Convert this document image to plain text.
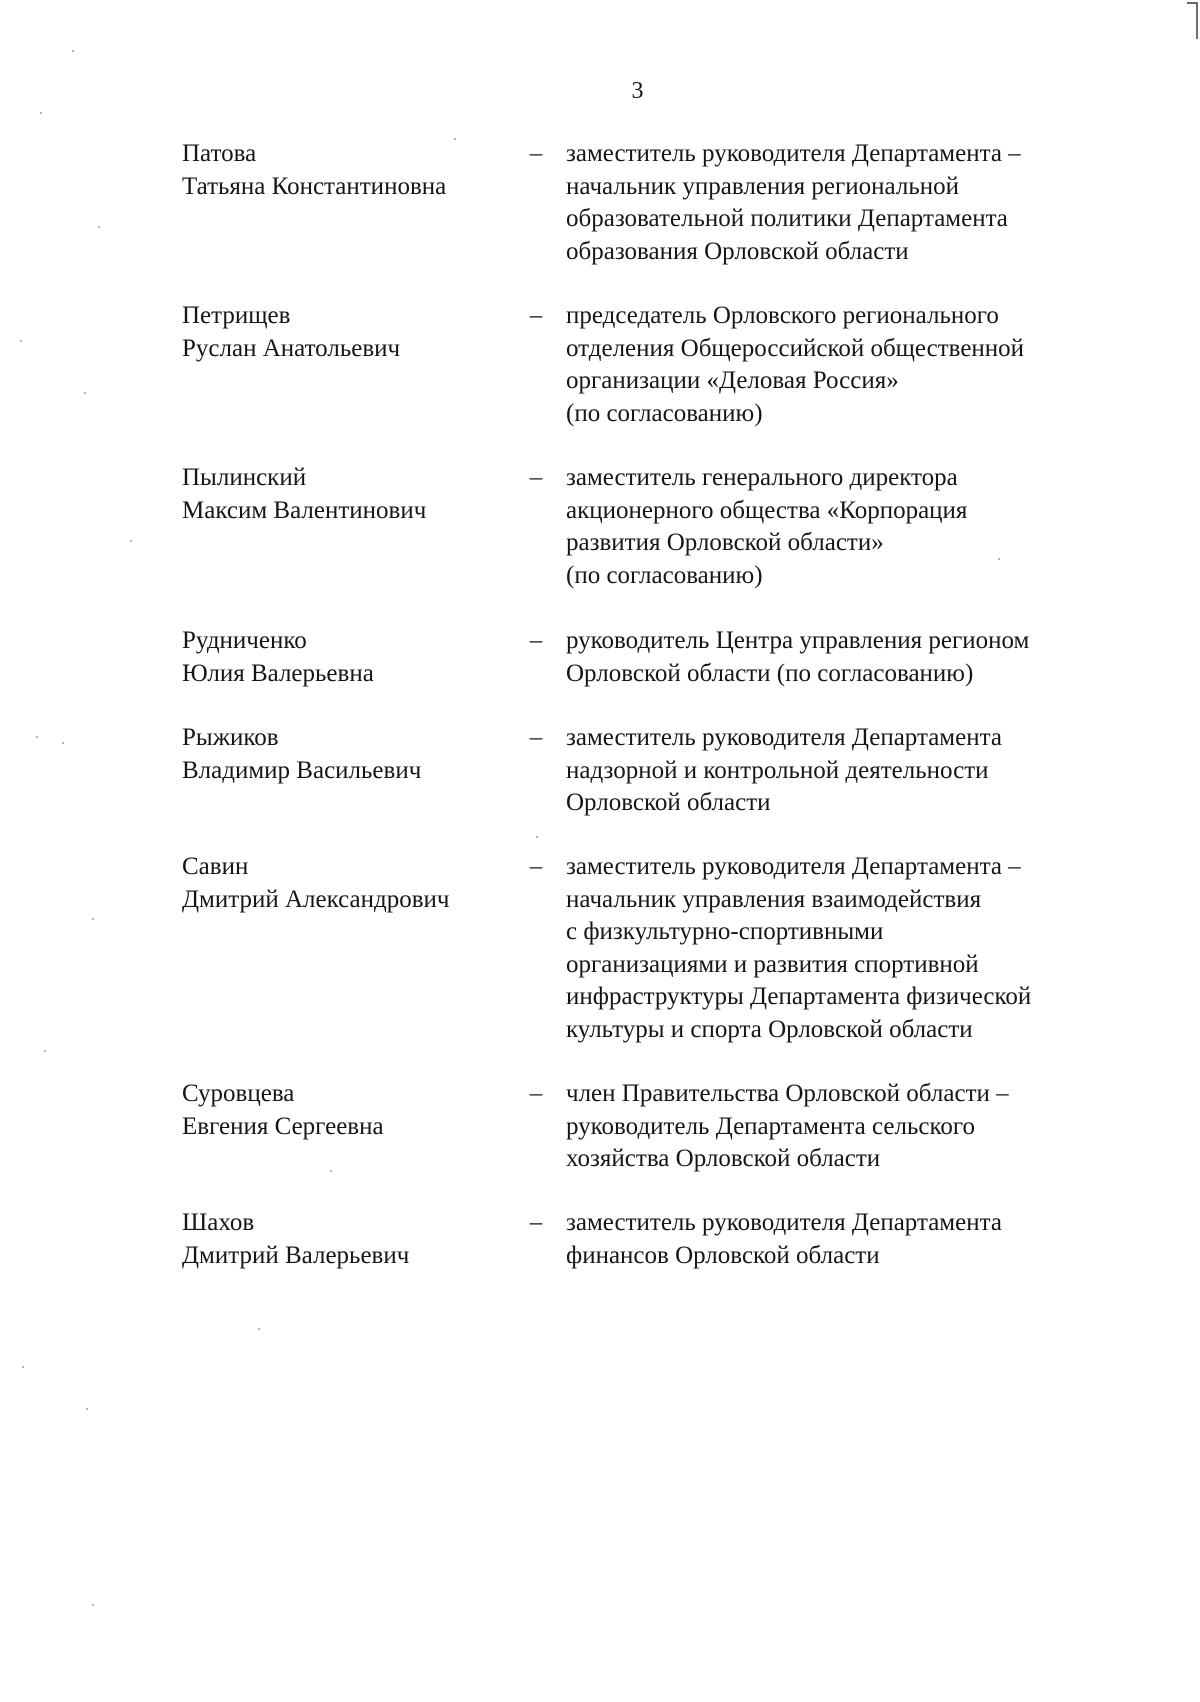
3
Патова
Татьяна Константиновна
– заместитель руководителя Департамента –
начальник управления региональной
образовательной политики Департамента
образования Орловской области
Петрищев
Руслан Анатольевич
– председатель Орловского регионального
отделения Общероссийской общественной
организации «Деловая Россия»
(по согласованию)
Пылинский
Максим Валентинович
– заместитель генерального директора
акционерного общества «Корпорация
развития Орловской области»
(по согласованию)
Рудниченко
Юлия Валерьевна
– руководитель Центра управления регионом
Орловской области (по согласованию)
Рыжиков
Владимир Васильевич
– заместитель руководителя Департамента
надзорной и контрольной деятельности
Орловской области
Савин
Дмитрий Александрович
– заместитель руководителя Департамента –
начальник управления взаимодействия
с физкультурно-спортивными
организациями и развития спортивной
инфраструктуры Департамента физической
культуры и спорта Орловской области
Суровцева
Евгения Сергеевна
– член Правительства Орловской области –
руководитель Департамента сельского
хозяйства Орловской области
Шахов
Дмитрий Валерьевич
– заместитель руководителя Департамента
финансов Орловской области
